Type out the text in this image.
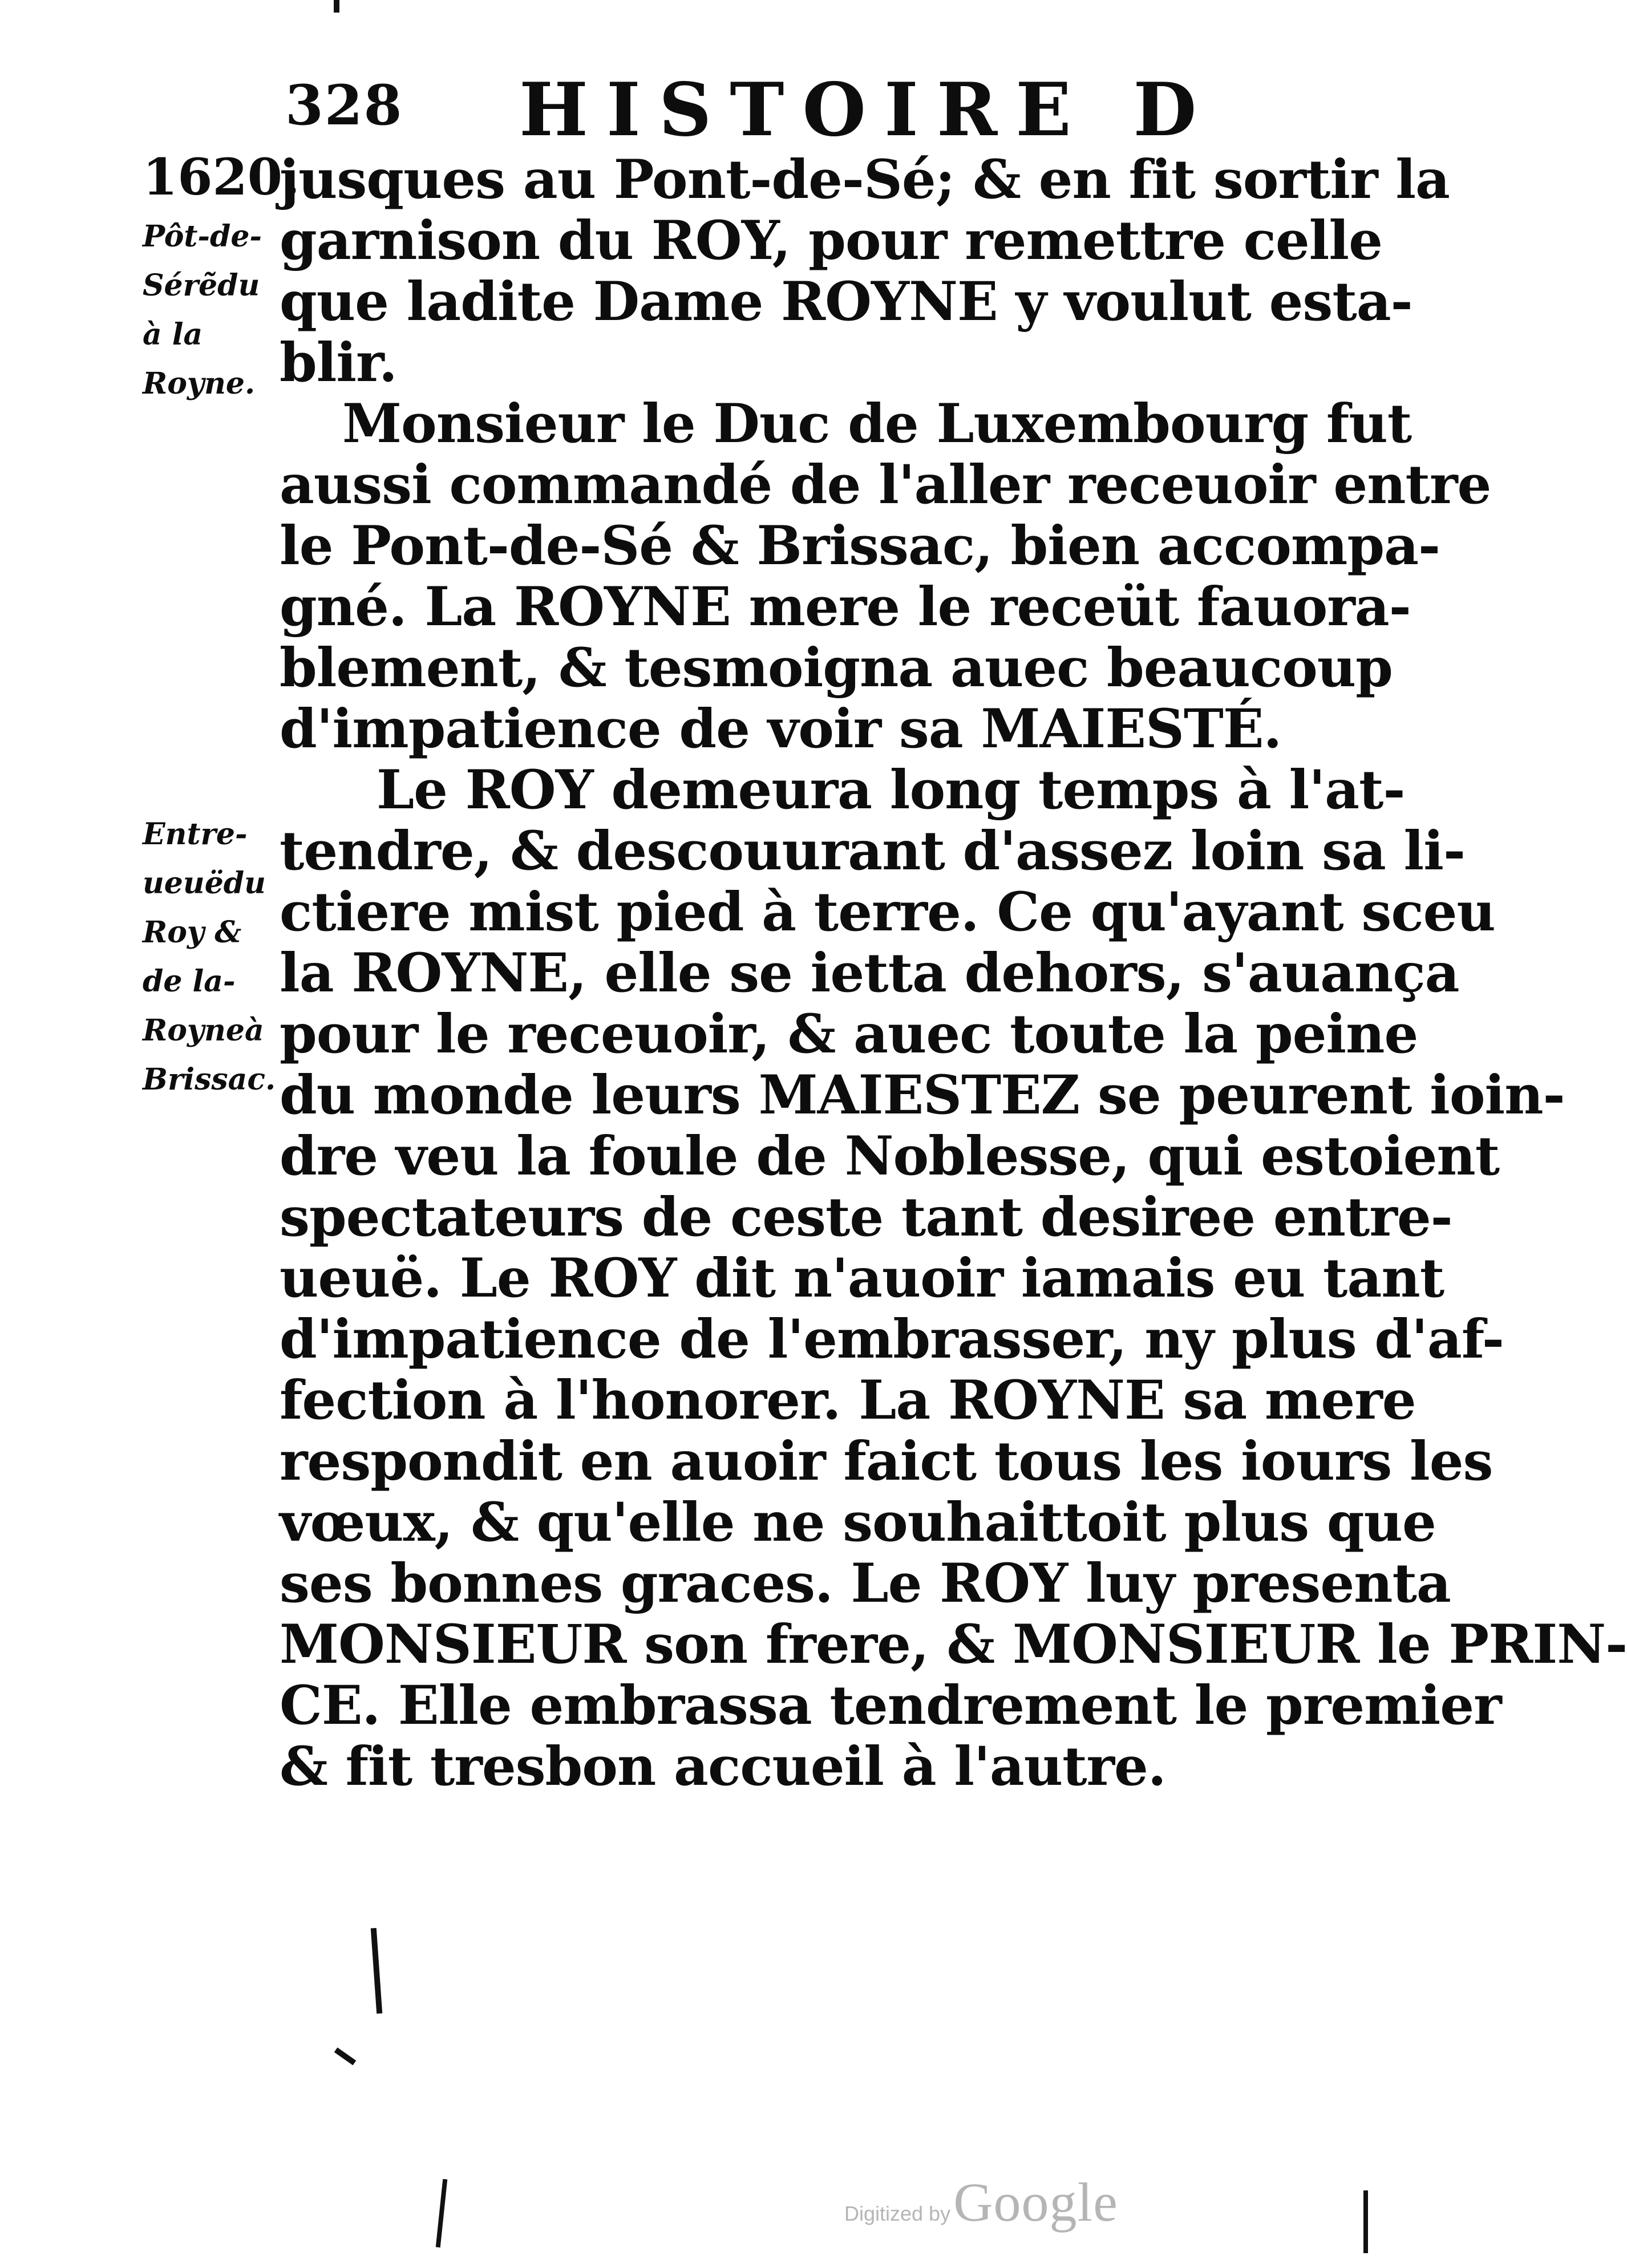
328 HISTOIRE D
1620.
Pôt-de-
Sérẽdu
à la
Royne.
Entre-
ueuëdu
Roy &
de la-
Royneà
Brissac.
jusques au Pont-de-Sé; & en fit sortir la
garnison du ROY, pour remettre celle
que ladite Dame ROYNE y voulut esta-
blir.
Monsieur le Duc de Luxembourg fut
aussi commandé de l'aller receuoir entre
le Pont-de-Sé & Brissac, bien accompa-
gné. La ROYNE mere le receüt fauora-
blement, & tesmoigna auec beaucoup
d'impatience de voir sa MAIESTÉ.
Le ROY demeura long temps à l'at-
tendre, & descouurant d'assez loin sa li-
ctiere mist pied à terre. Ce qu'ayant sceu
la ROYNE, elle se ietta dehors, s'auança
pour le receuoir, & auec toute la peine
du monde leurs MAIESTEZ se peurent ioin-
dre veu la foule de Noblesse, qui estoient
spectateurs de ceste tant desiree entre-
ueuë. Le ROY dit n'auoir iamais eu tant
d'impatience de l'embrasser, ny plus d'af-
fection à l'honorer. La ROYNE sa mere
respondit en auoir faict tous les iours les
vœux, & qu'elle ne souhaittoit plus que
ses bonnes graces. Le ROY luy presenta
MONSIEUR son frere, & MONSIEUR le PRIN-
CE. Elle embrassa tendrement le premier
& fit tresbon accueil à l'autre.
Digitized by Google
